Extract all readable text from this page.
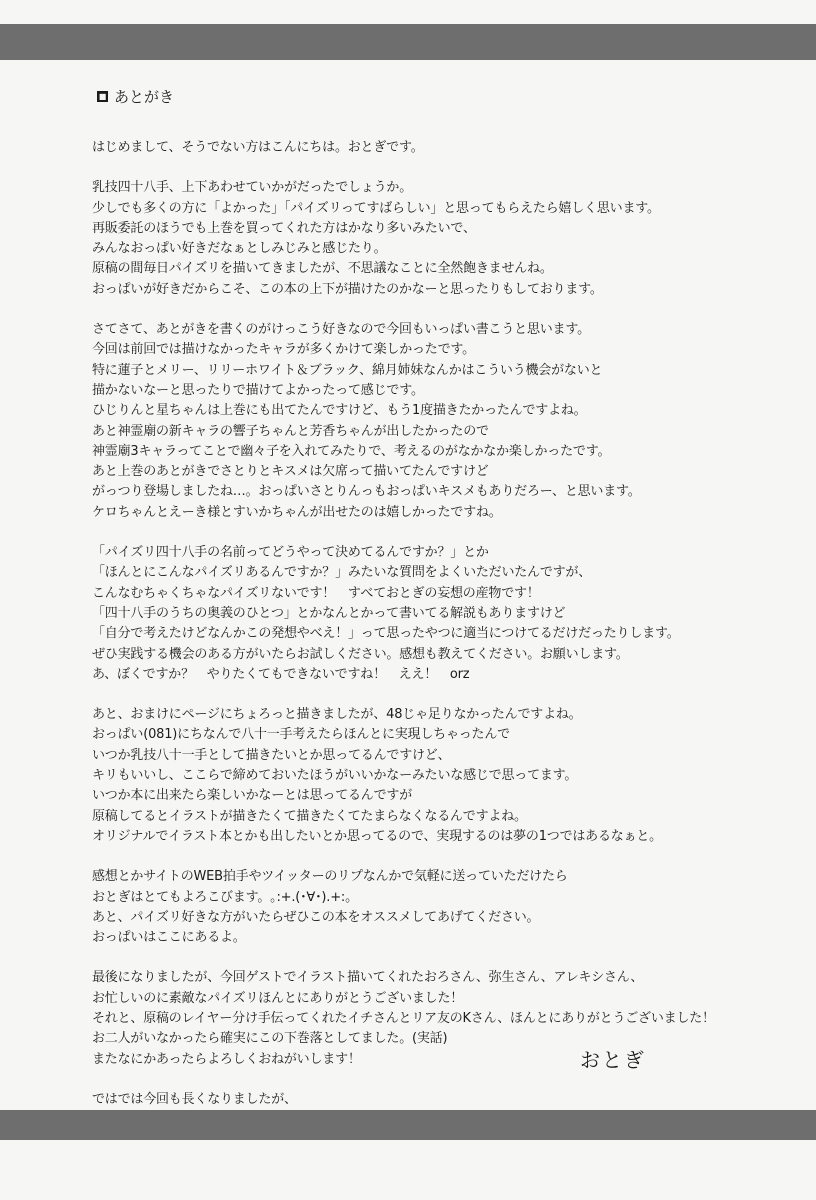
■ あとがき
はじめまして、そうでない方はこんにちは。おとぎです。
乳技四十八手、上下あわせていかがだったでしょうか。
少しでも多くの方に「よかった」「パイズリってすばらしい」と思ってもらえたら嬉しく思います。
再販委託のほうでも上巻を買ってくれた方はかなり多いみたいで、
みんなおっぱい好きだなぁとしみじみと感じたり。
原稿の間毎日パイズリを描いてきましたが、不思議なことに全然飽きませんね。
おっぱいが好きだからこそ、この本の上下が描けたのかなーと思ったりもしております。
さてさて、あとがきを書くのがけっこう好きなので今回もいっぱい書こうと思います。
今回は前回では描けなかったキャラが多くかけて楽しかったです。
特に蓮子とメリー、リリーホワイト＆ブラック、綿月姉妹なんかはこういう機会がないと
描かないなーと思ったりで描けてよかったって感じです。
ひじりんと星ちゃんは上巻にも出てたんですけど、もう1度描きたかったんですよね。
あと神霊廟の新キャラの響子ちゃんと芳香ちゃんが出したかったので
神霊廟3キャラってことで幽々子を入れてみたりで、考えるのがなかなか楽しかったです。
あと上巻のあとがきでさとりとキスメは欠席って描いてたんですけど
がっつり登場しましたね…。おっぱいさとりんっもおっぱいキスメもありだろー、と思います。
ケロちゃんとえーき様とすいかちゃんが出せたのは嬉しかったですね。
「パイズリ四十八手の名前ってどうやって決めてるんですか？」とか
「ほんとにこんなパイズリあるんですか？」みたいな質問をよくいただいたんですが、
こんなむちゃくちゃなパイズリないです！　すべておとぎの妄想の産物です！
「四十八手のうちの奥義のひとつ」とかなんとかって書いてる解説もありますけど
「自分で考えたけどなんかこの発想やべえ！」って思ったやつに適当につけてるだけだったりします。
ぜひ実践する機会のある方がいたらお試しください。感想も教えてください。お願いします。
あ、ぼくですか？　やりたくてもできないですね！　ええ！　orz
あと、おまけにページにちょろっと描きましたが、48じゃ足りなかったんですよね。
おっぱい(081)にちなんで八十一手考えたらほんとに実現しちゃったんで
いつか乳技八十一手として描きたいとか思ってるんですけど、
キリもいいし、ここらで締めておいたほうがいいかなーみたいな感じで思ってます。
いつか本に出来たら楽しいかなーとは思ってるんですが
原稿してるとイラストが描きたくて描きたくてたまらなくなるんですよね。
オリジナルでイラスト本とかも出したいとか思ってるので、実現するのは夢の1つではあるなぁと。
感想とかサイトのWEB拍手やツイッターのリプなんかで気軽に送っていただけたら
おとぎはとてもよろこびます。｡:+.(･∀･).+:｡
あと、パイズリ好きな方がいたらぜひこの本をオススメしてあげてください。
おっぱいはここにあるよ。
最後になりましたが、今回ゲストでイラスト描いてくれたおろさん、弥生さん、アレキシさん、
お忙しいのに素敵なパイズリほんとにありがとうございました！
それと、原稿のレイヤー分け手伝ってくれたイチさんとリア友のKさん、ほんとにありがとうございました！
お二人がいなかったら確実にこの下巻落としてました。(実話)
またなにかあったらよろしくおねがいします！
ではでは今回も長くなりましたが、
おとぎ
